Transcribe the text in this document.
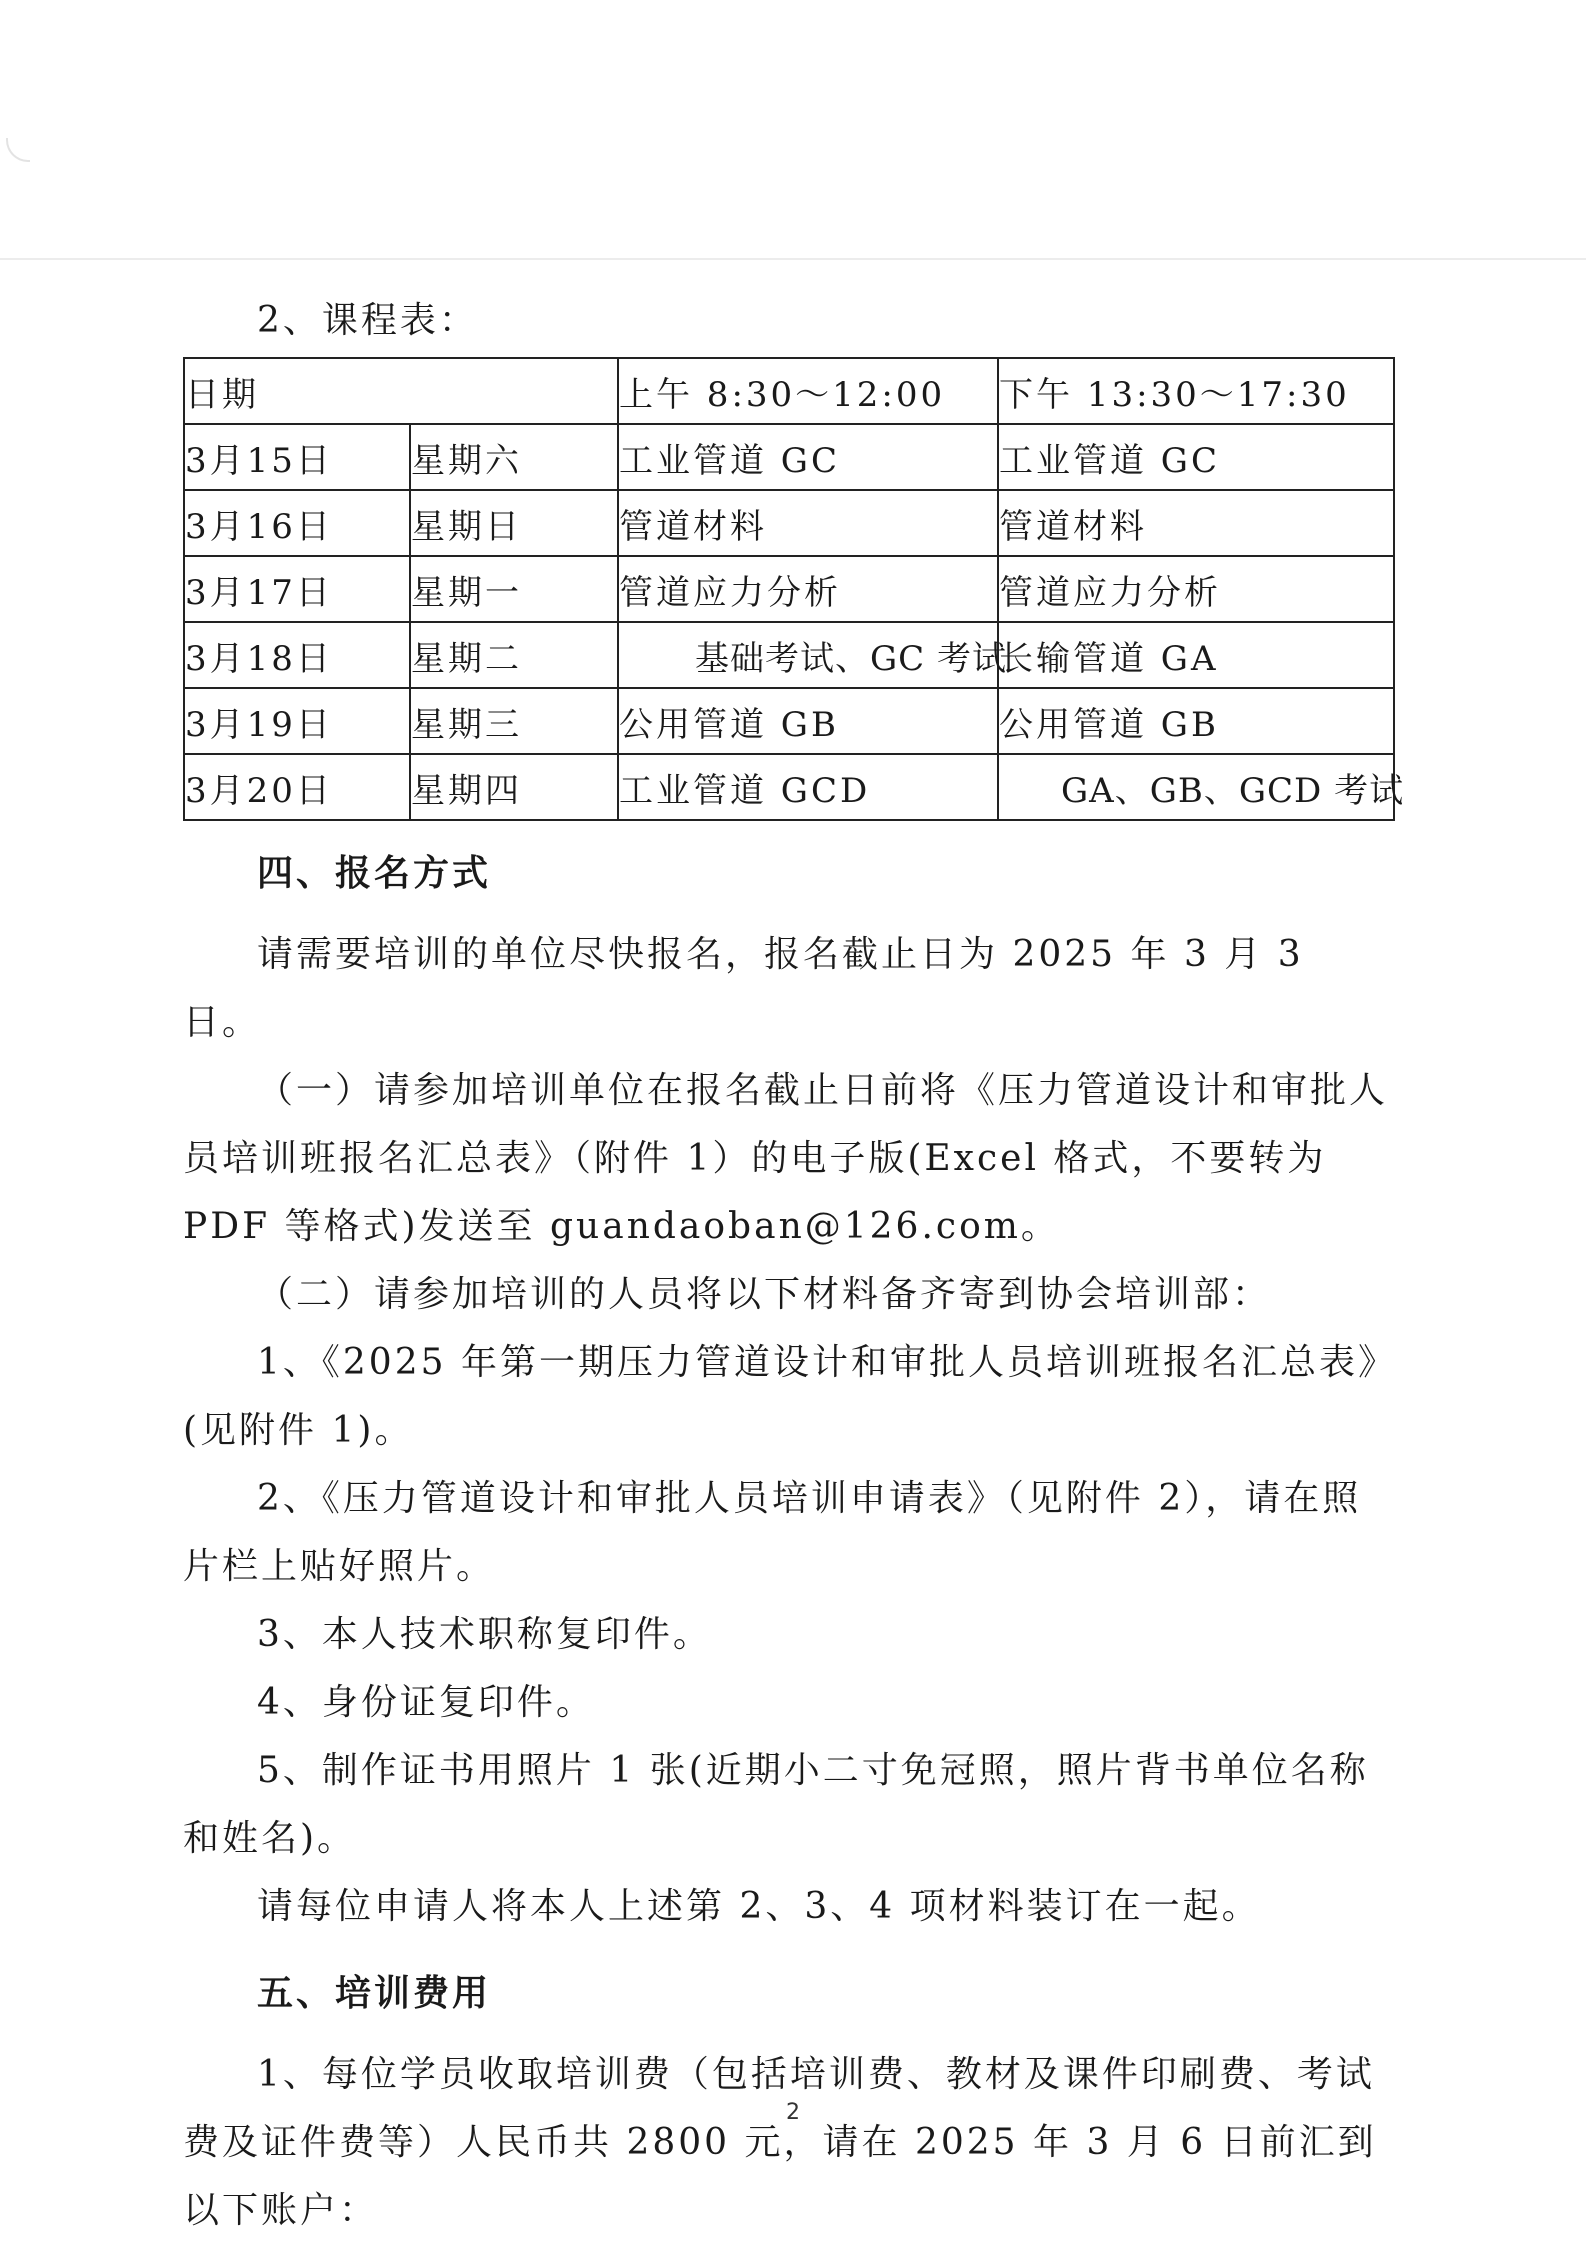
2、课程表：
日期		上午 8:30～12:00	下午 13:30～17:30
3月15日	星期六	工业管道 GC	工业管道 GC
3月16日	星期日	管道材料	管道材料
3月17日	星期一	管道应力分析	管道应力分析
3月18日	星期二	基础考试、GC 考试	长输管道 GA
3月19日	星期三	公用管道 GB	公用管道 GB
3月20日	星期四	工业管道 GCD	GA、GB、GCD 考试
四、报名方式
请需要培训的单位尽快报名，报名截止日为 2025 年 3 月 3 日。
（一）请参加培训单位在报名截止日前将《压力管道设计和审批人员培训班报名汇总表》（附件 1）的电子版(Excel 格式，不要转为 PDF 等格式)发送至 guandaoban@126.com。
（二）请参加培训的人员将以下材料备齐寄到协会培训部：
1、《2025 年第一期压力管道设计和审批人员培训班报名汇总表》(见附件 1)。
2、《压力管道设计和审批人员培训申请表》（见附件 2），请在照片栏上贴好照片。
3、本人技术职称复印件。
4、身份证复印件。
5、制作证书用照片 1 张(近期小二寸免冠照，照片背书单位名称和姓名)。
请每位申请人将本人上述第 2、3、4 项材料装订在一起。
五、培训费用
1、每位学员收取培训费（包括培训费、教材及课件印刷费、考试费及证件费等）人民币共 2800 元，请在 2025 年 3 月 6 日前汇到以下账户：
2
